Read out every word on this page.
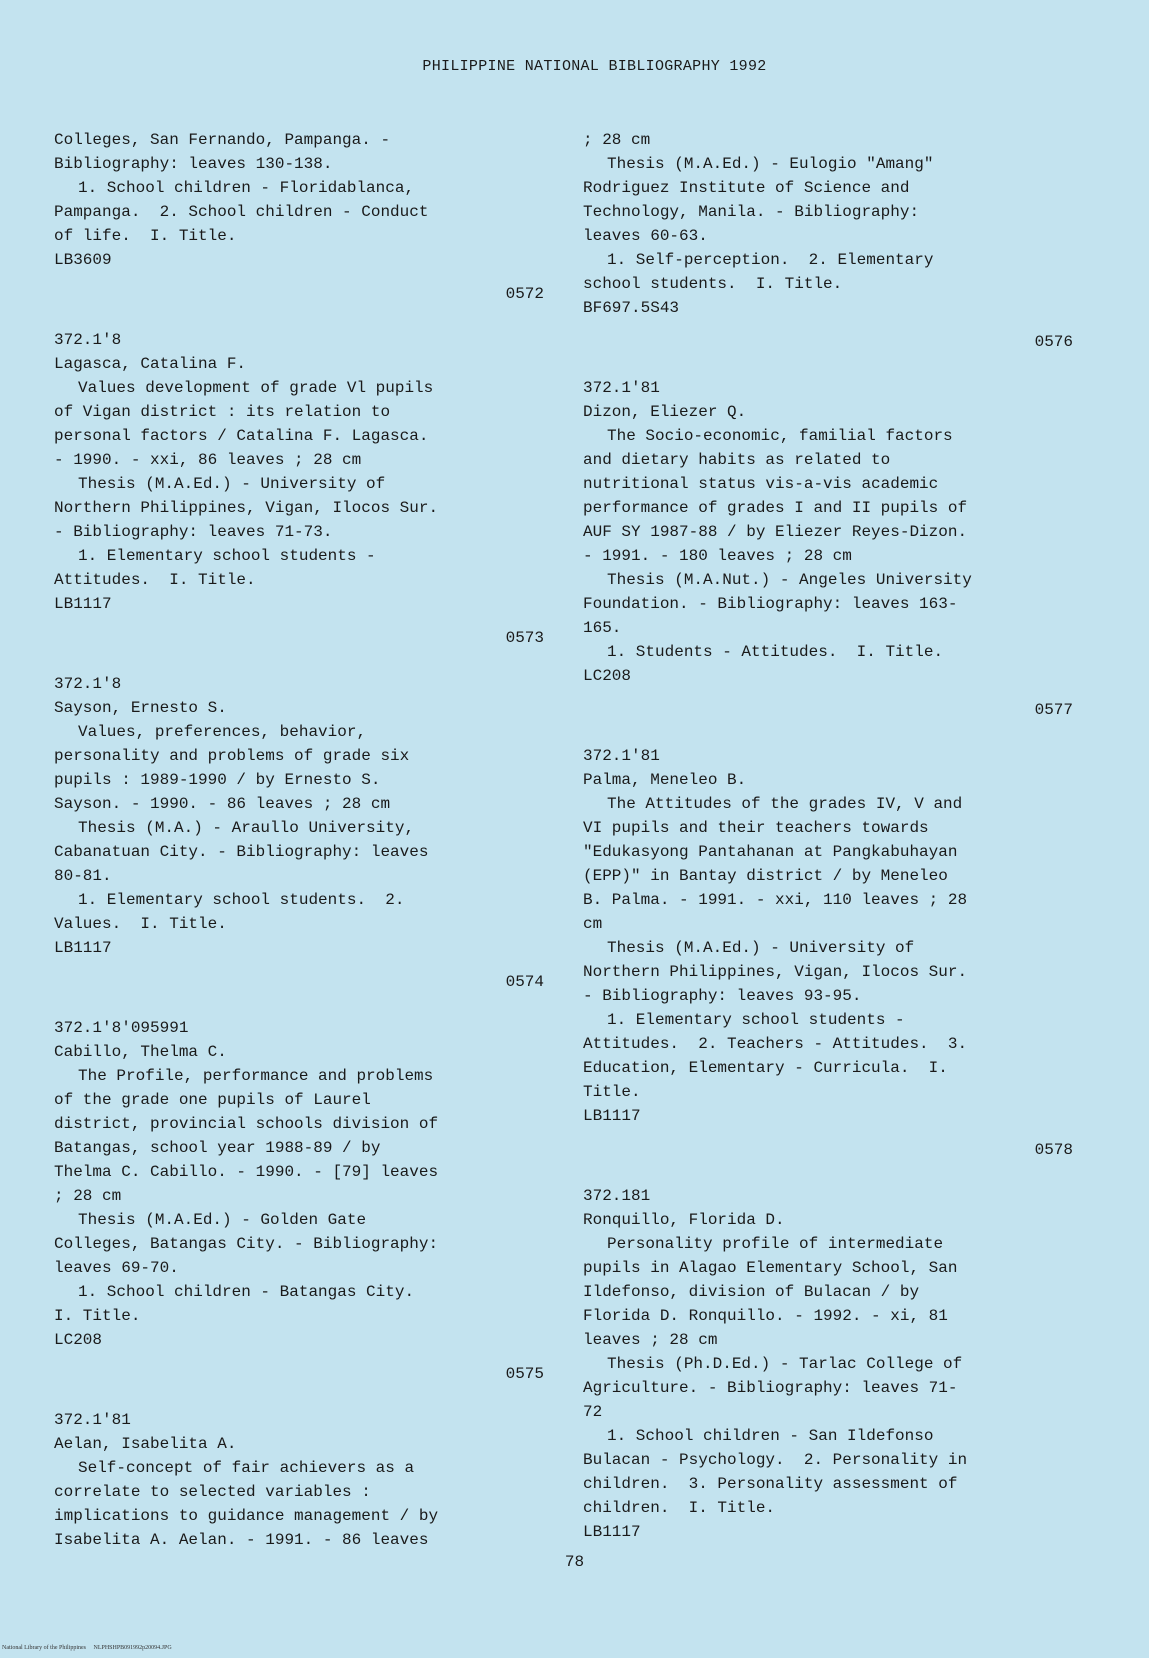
PHILIPPINE NATIONAL BIBLIOGRAPHY 1992
Colleges, San Fernando, Pampanga. -
Bibliography: leaves 130-138.
1. School children - Floridablanca,
Pampanga.  2. School children - Conduct
of life.  I. Title.
LB3609
0572
372.1'8
Lagasca, Catalina F.
Values development of grade Vl pupils
of Vigan district : its relation to
personal factors / Catalina F. Lagasca.
- 1990. - xxi, 86 leaves ; 28 cm
Thesis (M.A.Ed.) - University of
Northern Philippines, Vigan, Ilocos Sur.
- Bibliography: leaves 71-73.
1. Elementary school students -
Attitudes.  I. Title.
LB1117
0573
372.1'8
Sayson, Ernesto S.
Values, preferences, behavior,
personality and problems of grade six
pupils : 1989-1990 / by Ernesto S.
Sayson. - 1990. - 86 leaves ; 28 cm
Thesis (M.A.) - Araullo University,
Cabanatuan City. - Bibliography: leaves
80-81.
1. Elementary school students.  2.
Values.  I. Title.
LB1117
0574
372.1'8'095991
Cabillo, Thelma C.
The Profile, performance and problems
of the grade one pupils of Laurel
district, provincial schools division of
Batangas, school year 1988-89 / by
Thelma C. Cabillo. - 1990. - [79] leaves
; 28 cm
Thesis (M.A.Ed.) - Golden Gate
Colleges, Batangas City. - Bibliography:
leaves 69-70.
1. School children - Batangas City.
I. Title.
LC208
0575
372.1'81
Aelan, Isabelita A.
Self-concept of fair achievers as a
correlate to selected variables :
implications to guidance management / by
Isabelita A. Aelan. - 1991. - 86 leaves
; 28 cm
Thesis (M.A.Ed.) - Eulogio "Amang"
Rodriguez Institute of Science and
Technology, Manila. - Bibliography:
leaves 60-63.
1. Self-perception.  2. Elementary
school students.  I. Title.
BF697.5S43
0576
372.1'81
Dizon, Eliezer Q.
The Socio-economic, familial factors
and dietary habits as related to
nutritional status vis-a-vis academic
performance of grades I and II pupils of
AUF SY 1987-88 / by Eliezer Reyes-Dizon.
- 1991. - 180 leaves ; 28 cm
Thesis (M.A.Nut.) - Angeles University
Foundation. - Bibliography: leaves 163-
165.
1. Students - Attitudes.  I. Title.
LC208
0577
372.1'81
Palma, Meneleo B.
The Attitudes of the grades IV, V and
VI pupils and their teachers towards
"Edukasyong Pantahanan at Pangkabuhayan
(EPP)" in Bantay district / by Meneleo
B. Palma. - 1991. - xxi, 110 leaves ; 28
cm
Thesis (M.A.Ed.) - University of
Northern Philippines, Vigan, Ilocos Sur.
- Bibliography: leaves 93-95.
1. Elementary school students -
Attitudes.  2. Teachers - Attitudes.  3.
Education, Elementary - Curricula.  I.
Title.
LB1117
0578
372.181
Ronquillo, Florida D.
Personality profile of intermediate
pupils in Alagao Elementary School, San
Ildefonso, division of Bulacan / by
Florida D. Ronquillo. - 1992. - xi, 81
leaves ; 28 cm
Thesis (Ph.D.Ed.) - Tarlac College of
Agriculture. - Bibliography: leaves 71-
72
1. School children - San Ildefonso
Bulacan - Psychology.  2. Personality in
children.  3. Personality assessment of
children.  I. Title.
LB1117
78
National Library of the Philippines     NLPHSHPB091992p20094.JPG
